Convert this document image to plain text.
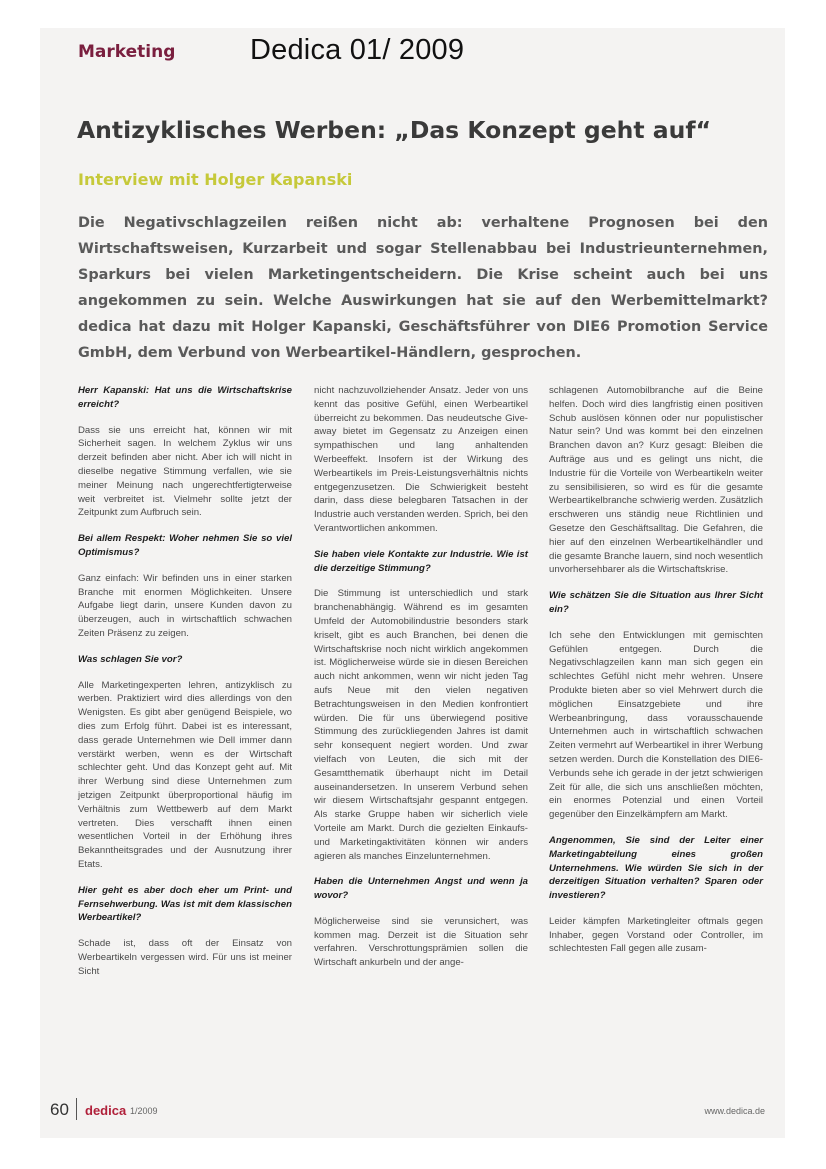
Marketing	Dedica 01/ 2009
Antizyklisches Werben: „Das Konzept geht auf“
Interview mit Holger Kapanski
Die Negativschlagzeilen reißen nicht ab: verhaltene Prognosen bei den Wirtschaftsweisen, Kurzarbeit und sogar Stellenabbau bei Industrieunternehmen, Sparkurs bei vielen Marketingentscheidern. Die Krise scheint auch bei uns angekommen zu sein. Welche Auswirkungen hat sie auf den Werbemittelmarkt? dedica hat dazu mit Holger Kapanski, Geschäftsführer von DIE6 Promotion Service GmbH, dem Verbund von Werbeartikel-Händlern, gesprochen.

Herr Kapanski: Hat uns die Wirtschaftskrise erreicht?

Dass sie uns erreicht hat, können wir mit Sicherheit sagen. In welchem Zyklus wir uns derzeit befinden aber nicht. Aber ich will nicht in dieselbe negative Stimmung verfallen, wie sie meiner Meinung nach ungerechtfertigterweise weit verbreitet ist. Vielmehr sollte jetzt der Zeitpunkt zum Aufbruch sein.

Bei allem Respekt: Woher nehmen Sie so viel Optimismus?

Ganz einfach: Wir befinden uns in einer starken Branche mit enormen Möglichkeiten. Unsere Aufgabe liegt darin, unsere Kunden davon zu überzeugen, auch in wirtschaftlich schwachen Zeiten Präsenz zu zeigen.

Was schlagen Sie vor?

Alle Marketingexperten lehren, antizyklisch zu werben. Praktiziert wird dies allerdings von den Wenigsten. Es gibt aber genügend Beispiele, wo dies zum Erfolg führt. Dabei ist es interessant, dass gerade Unternehmen wie Dell immer dann verstärkt werben, wenn es der Wirtschaft schlechter geht. Und das Konzept geht auf. Mit ihrer Werbung sind diese Unternehmen zum jetzigen Zeitpunkt überproportional häufig im Verhältnis zum Wettbewerb auf dem Markt vertreten. Dies verschafft ihnen einen wesentlichen Vorteil in der Erhöhung ihres Bekanntheitsgrades und der Ausnutzung ihrer Etats.

Hier geht es aber doch eher um Print- und Fernsehwerbung. Was ist mit dem klassischen Werbeartikel?

Schade ist, dass oft der Einsatz von Werbeartikeln vergessen wird. Für uns ist meiner Sicht

nicht nachzuvollziehender Ansatz. Jeder von uns kennt das positive Gefühl, einen Werbeartikel überreicht zu bekommen. Das neudeutsche Give-away bietet im Gegensatz zu Anzeigen einen sympathischen und lang anhaltenden Werbeeffekt. Insofern ist der Wirkung des Werbeartikels im Preis-Leistungsverhältnis nichts entgegenzusetzen. Die Schwierigkeit besteht darin, dass diese belegbaren Tatsachen in der Industrie auch verstanden werden. Sprich, bei den Verantwortlichen ankommen.

Sie haben viele Kontakte zur Industrie. Wie ist die derzeitige Stimmung?

Die Stimmung ist unterschiedlich und stark branchenabhängig. Während es im gesamten Umfeld der Automobilindustrie besonders stark kriselt, gibt es auch Branchen, bei denen die Wirtschaftskrise noch nicht wirklich angekommen ist. Möglicherweise würde sie in diesen Bereichen auch nicht ankommen, wenn wir nicht jeden Tag aufs Neue mit den vielen negativen Betrachtungsweisen in den Medien konfrontiert würden. Die für uns überwiegend positive Stimmung des zurückliegenden Jahres ist damit sehr konsequent negiert worden. Und zwar vielfach von Leuten, die sich mit der Gesamtthematik überhaupt nicht im Detail auseinandersetzen. In unserem Verbund sehen wir diesem Wirtschaftsjahr gespannt entgegen. Als starke Gruppe haben wir sicherlich viele Vorteile am Markt. Durch die gezielten Einkaufs- und Marketingaktivitäten können wir anders agieren als manches Einzelunternehmen.

Haben die Unternehmen Angst und wenn ja wovor?

Möglicherweise sind sie verunsichert, was kommen mag. Derzeit ist die Situation sehr verfahren. Verschrottungsprämien sollen die Wirtschaft ankurbeln und der ange-

schlagenen Automobilbranche auf die Beine helfen. Doch wird dies langfristig einen positiven Schub auslösen können oder nur populistischer Natur sein? Und was kommt bei den einzelnen Branchen davon an? Kurz gesagt: Bleiben die Aufträge aus und es gelingt uns nicht, die Industrie für die Vorteile von Werbeartikeln weiter zu sensibilisieren, so wird es für die gesamte Werbeartikelbranche schwierig werden. Zusätzlich erschweren uns ständig neue Richtlinien und Gesetze den Geschäftsalltag. Die Gefahren, die hier auf den einzelnen Werbeartikelhändler und die gesamte Branche lauern, sind noch wesentlich unvorhersehbarer als die Wirtschaftskrise.

Wie schätzen Sie die Situation aus Ihrer Sicht ein?

Ich sehe den Entwicklungen mit gemischten Gefühlen entgegen. Durch die Negativschlagzeilen kann man sich gegen ein schlechtes Gefühl nicht mehr wehren. Unsere Produkte bieten aber so viel Mehrwert durch die möglichen Einsatzgebiete und ihre Werbeanbringung, dass vorausschauende Unternehmen auch in wirtschaftlich schwachen Zeiten vermehrt auf Werbeartikel in ihrer Werbung setzen werden. Durch die Konstellation des DIE6-Verbunds sehe ich gerade in der jetzt schwierigen Zeit für alle, die sich uns anschließen möchten, ein enormes Potenzial und einen Vorteil gegenüber den Einzelkämpfern am Markt.

Angenommen, Sie sind der Leiter einer Marketingabteilung eines großen Unternehmens. Wie würden Sie sich in der derzeitigen Situation verhalten? Sparen oder investieren?

Leider kämpfen Marketingleiter oftmals gegen Inhaber, gegen Vorstand oder Controller, im schlechtesten Fall gegen alle zusam-

60 dedica 1/2009	www.dedica.de
